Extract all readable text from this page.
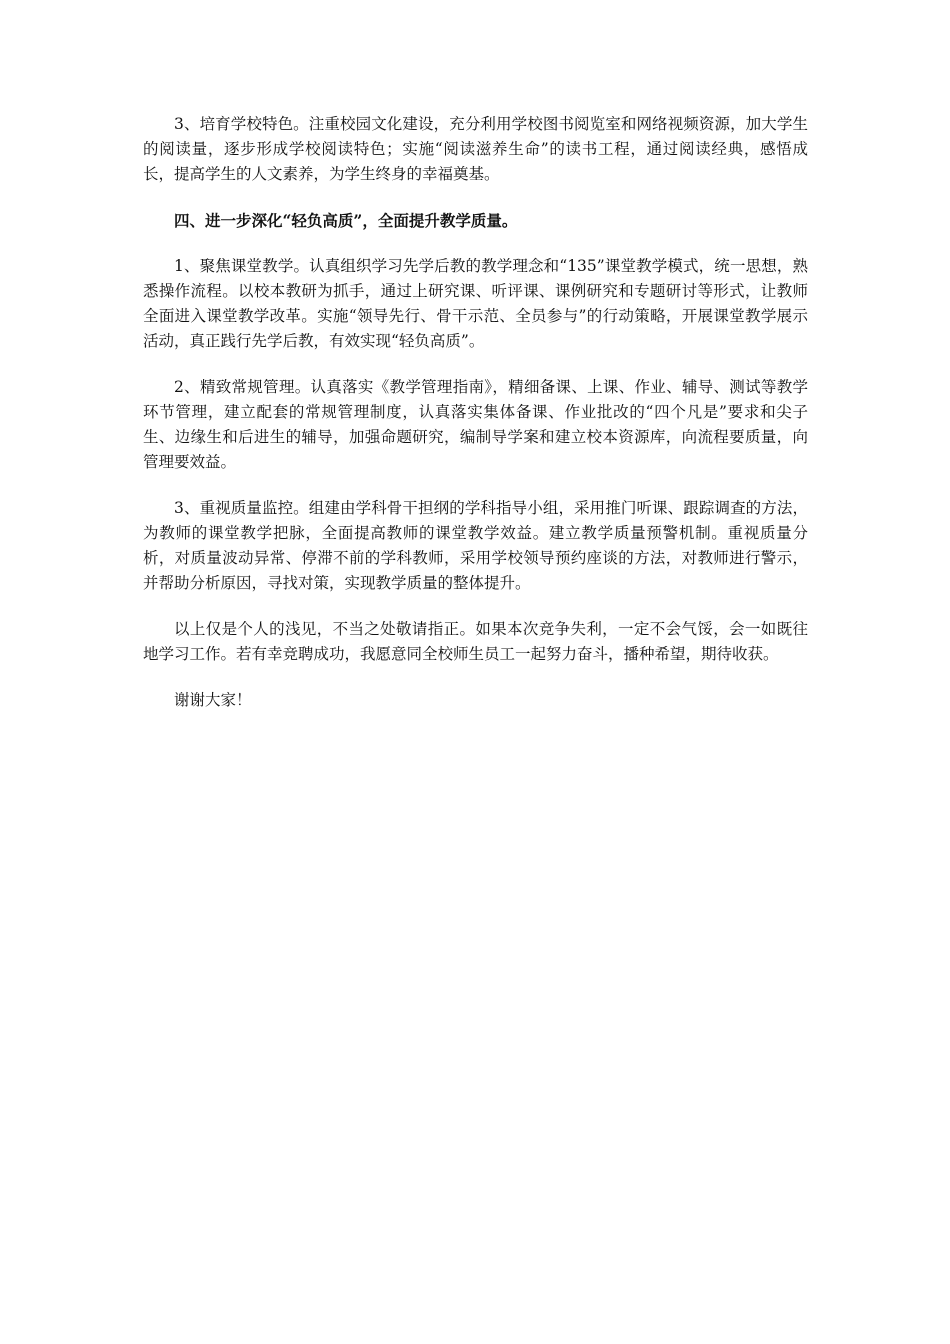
3、培育学校特色。注重校园文化建设，充分利用学校图书阅览室和网络视频资源，加大学生的阅读量，逐步形成学校阅读特色；实施“阅读滋养生命”的读书工程，通过阅读经典，感悟成长，提高学生的人文素养，为学生终身的幸福奠基。

四、进一步深化“轻负高质”，全面提升教学质量。

1、聚焦课堂教学。认真组织学习先学后教的教学理念和“135”课堂教学模式，统一思想，熟悉操作流程。以校本教研为抓手，通过上研究课、听评课、课例研究和专题研讨等形式，让教师全面进入课堂教学改革。实施“领导先行、骨干示范、全员参与”的行动策略，开展课堂教学展示活动，真正践行先学后教，有效实现“轻负高质”。

2、精致常规管理。认真落实《教学管理指南》，精细备课、上课、作业、辅导、测试等教学环节管理，建立配套的常规管理制度，认真落实集体备课、作业批改的“四个凡是”要求和尖子生、边缘生和后进生的辅导，加强命题研究，编制导学案和建立校本资源库，向流程要质量，向管理要效益。

3、重视质量监控。组建由学科骨干担纲的学科指导小组，采用推门听课、跟踪调查的方法，为教师的课堂教学把脉，全面提高教师的课堂教学效益。建立教学质量预警机制。重视质量分析，对质量波动异常、停滞不前的学科教师，采用学校领导预约座谈的方法，对教师进行警示，并帮助分析原因，寻找对策，实现教学质量的整体提升。

以上仅是个人的浅见，不当之处敬请指正。如果本次竞争失利，一定不会气馁，会一如既往地学习工作。若有幸竞聘成功，我愿意同全校师生员工一起努力奋斗，播种希望，期待收获。

谢谢大家！
